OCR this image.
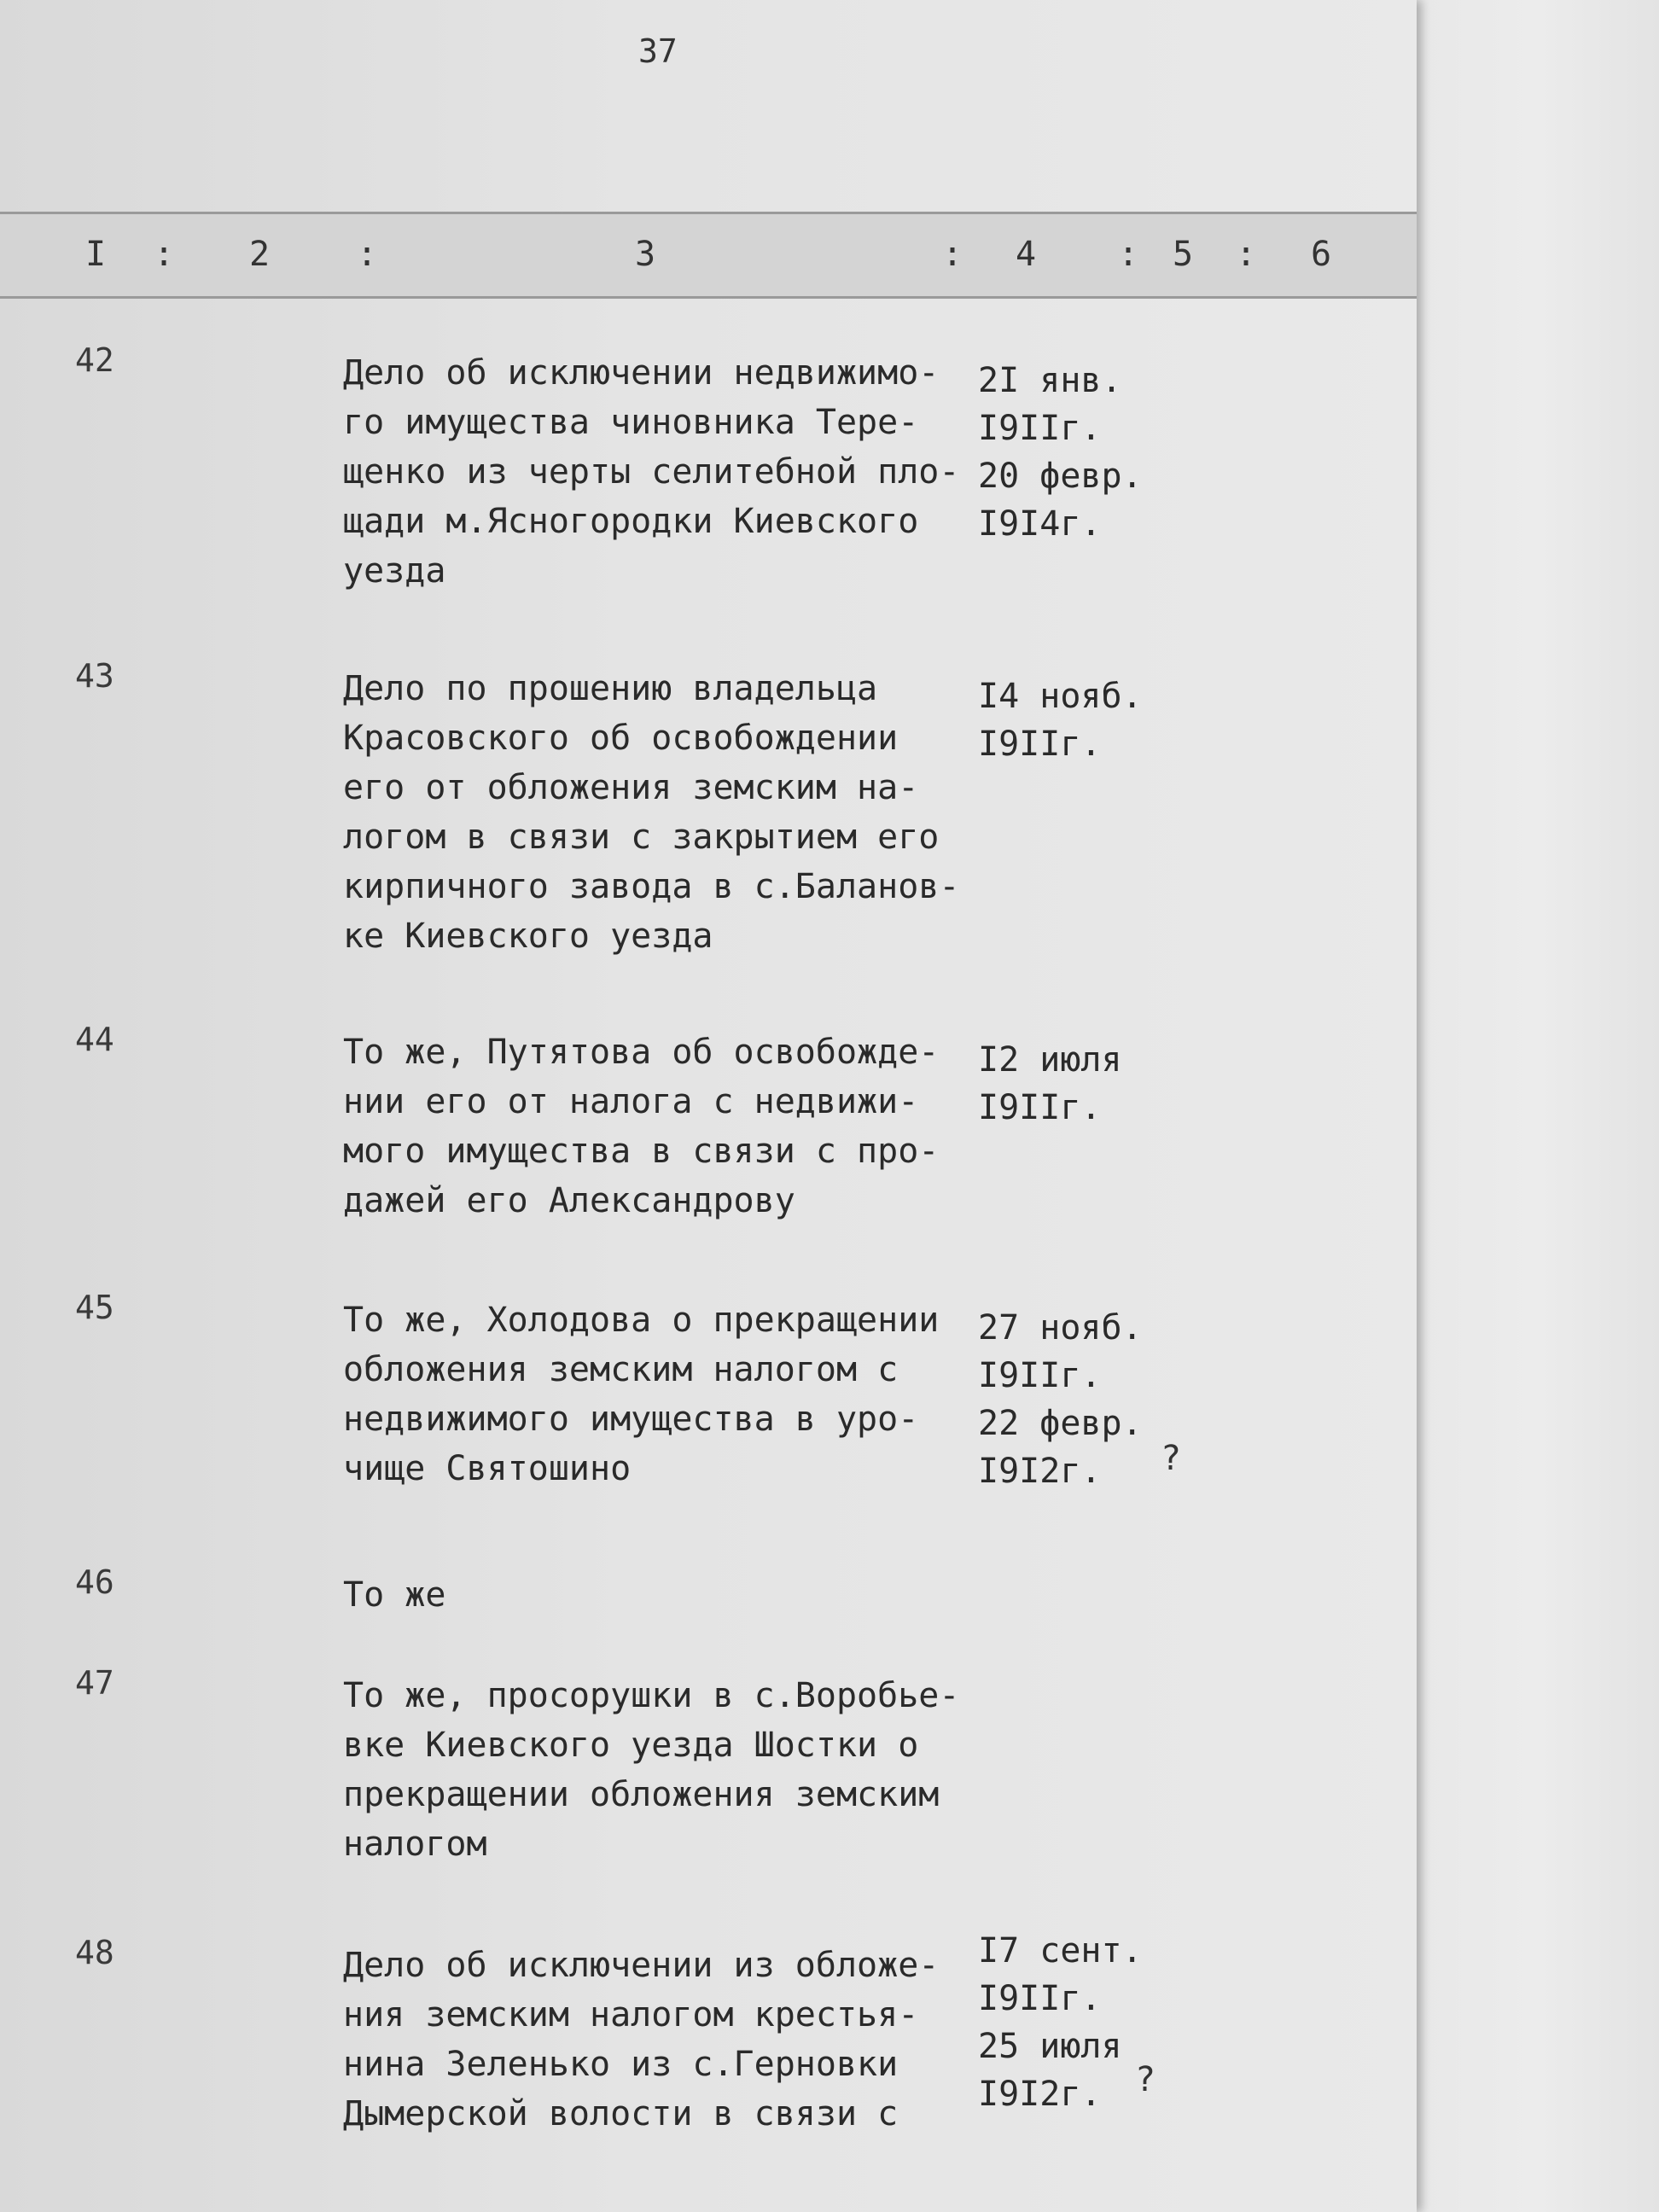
37
I : 2	:	3	: 4 : 5 : 6
42	Дело об исключении недвижимо-
го имущества чиновника Тере-
щенко из черты селитебной пло-
щади м.Ясногородки Киевского
уезда
2I янв.
I9IIг.
20 февр.
I9I4г.
43	Дело по прошению владельца
Красовского об освобождении
его от обложения земским на-
логом в связи с закрытием его
кирпичного завода в с.Баланов-
ке Киевского уезда
I4 нояб.
I9IIг.
44	То же, Путятова об освобожде-
нии его от налога с недвижи-
мого имущества в связи с про-
дажей его Александрову
I2 июля
I9IIг.
45	То же, Холодова о прекращении
обложения земским налогом с
недвижимого имущества в уро-
чище Святошино
27 нояб.
I9IIг.
22 февр.
I9I2г.	?
46	То же
47	То же, просорушки в с.Воробье-
вке Киевского уезда Шостки о
прекращении обложения земским
налогом
48	Дело об исключении из обложе-
ния земским налогом крестья-
нина Зеленько из с.Герновки
Дымерской волости в связи с
I7 сент.
I9IIг.
25 июля
I9I2г. ?
